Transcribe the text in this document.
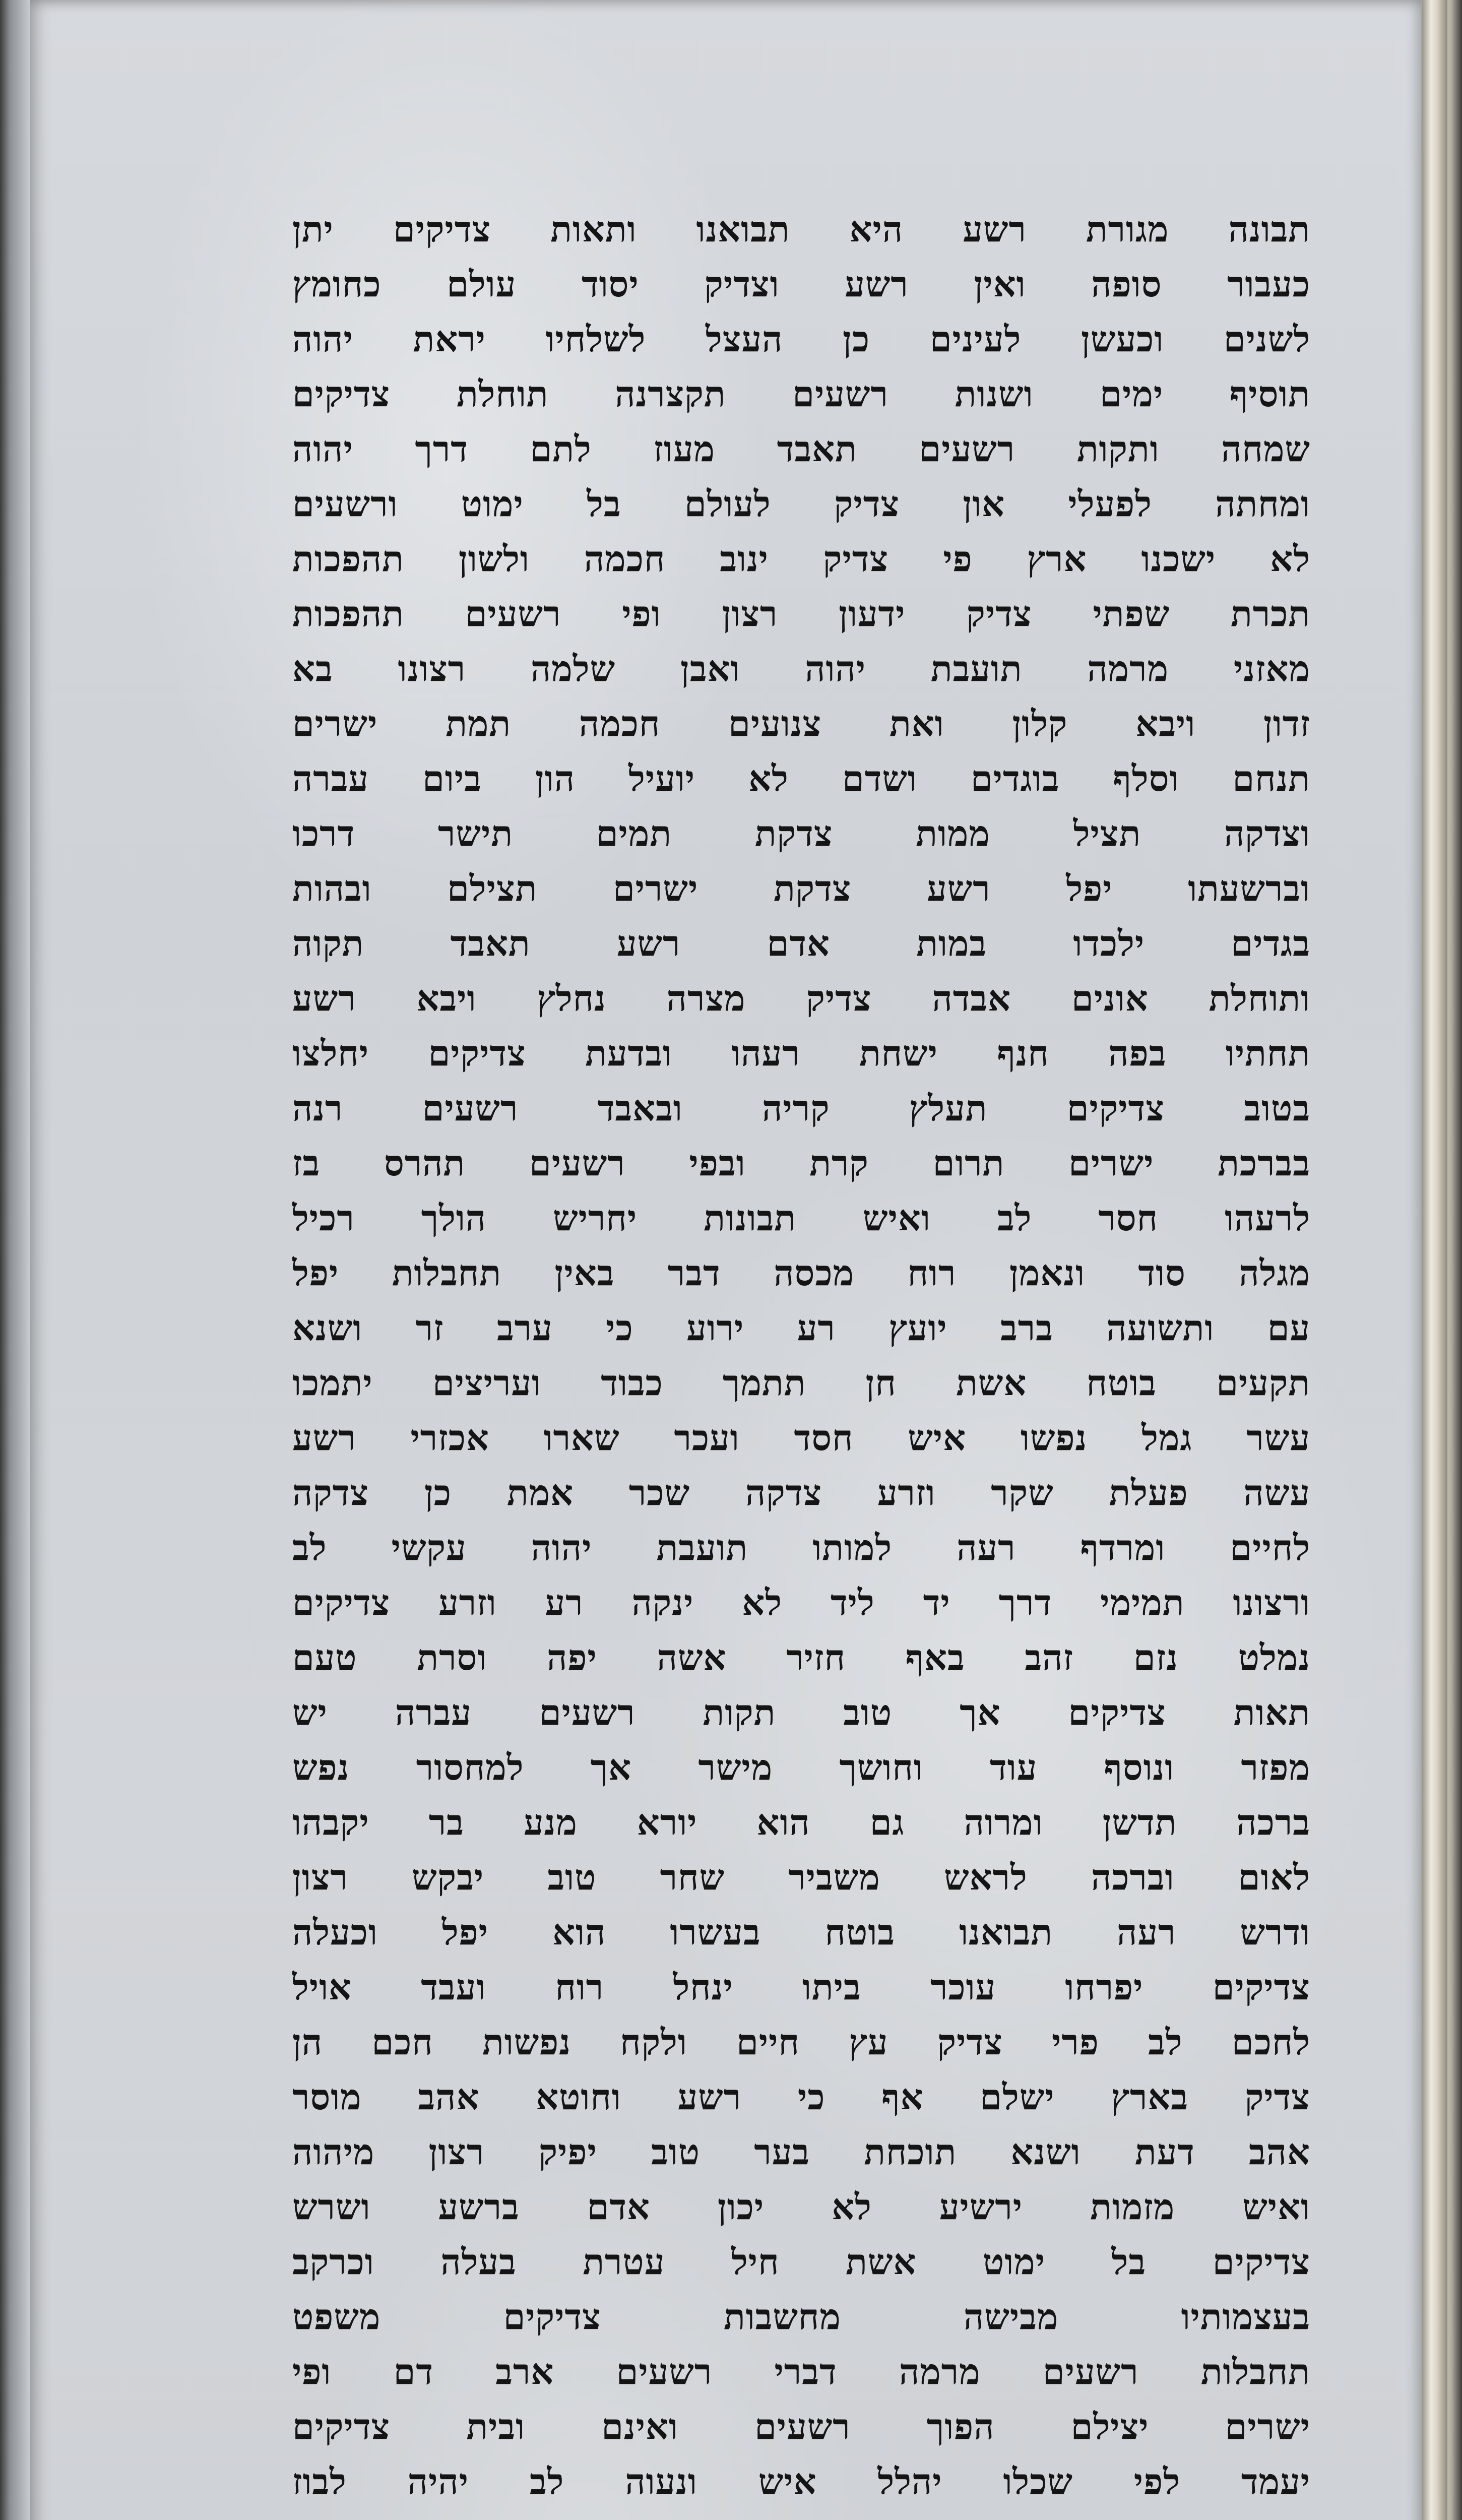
תבונה מגורת רשע היא תבואנו ותאות צדיקים יתן
כעבור סופה ואין רשע וצדיק יסוד עולם כחומץ
לשנים וכעשן לעינים כן העצל לשלחיו יראת יהוה
תוסיף ימים ושנות רשעים תקצרנה תוחלת צדיקים
שמחה ותקות רשעים תאבד מעוז לתם דרך יהוה
ומחתה לפעלי און צדיק לעולם בל ימוט ורשעים
לא ישכנו ארץ פי צדיק ינוב חכמה ולשון תהפכות
תכרת שפתי צדיק ידעון רצון ופי רשעים תהפכות
מאזני מרמה תועבת יהוה ואבן שלמה רצונו בא
זדון ויבא קלון ואת צנועים חכמה תמת ישרים
תנחם וסלף בוגדים ושדם לא יועיל הון ביום עברה
וצדקה תציל ממות צדקת תמים תישר דרכו
וברשעתו יפל רשע צדקת ישרים תצילם ובהות
בגדים ילכדו במות אדם רשע תאבד תקוה
ותוחלת אונים אבדה צדיק מצרה נחלץ ויבא רשע
תחתיו בפה חנף ישחת רעהו ובדעת צדיקים יחלצו
בטוב צדיקים תעלץ קריה ובאבד רשעים רנה
בברכת ישרים תרום קרת ובפי רשעים תהרס בז
לרעהו חסר לב ואיש תבונות יחריש הולך רכיל
מגלה סוד ונאמן רוח מכסה דבר באין תחבלות יפל
עם ותשועה ברב יועץ רע ירוע כי ערב זר ושנא
תקעים בוטח אשת חן תתמך כבוד ועריצים יתמכו
עשר גמל נפשו איש חסד ועכר שארו אכזרי רשע
עשה פעלת שקר וזרע צדקה שכר אמת כן צדקה
לחיים ומרדף רעה למותו תועבת יהוה עקשי לב
ורצונו תמימי דרך יד ליד לא ינקה רע וזרע צדיקים
נמלט נזם זהב באף חזיר אשה יפה וסרת טעם
תאות צדיקים אך טוב תקות רשעים עברה יש
מפזר ונוסף עוד וחושך מישר אך למחסור נפש
ברכה תדשן ומרוה גם הוא יורא מנע בר יקבהו
לאום וברכה לראש משביר שחר טוב יבקש רצון
ודרש רעה תבואנו בוטח בעשרו הוא יפל וכעלה
צדיקים יפרחו עוכר ביתו ינחל רוח ועבד אויל
לחכם לב פרי צדיק עץ חיים ולקח נפשות חכם הן
צדיק בארץ ישלם אף כי רשע וחוטא אהב מוסר
אהב דעת ושנא תוכחת בער טוב יפיק רצון מיהוה
ואיש מזמות ירשיע לא יכון אדם ברשע ושרש
צדיקים בל ימוט אשת חיל עטרת בעלה וכרקב
בעצמותיו מבישה מחשבות צדיקים משפט
תחבלות רשעים מרמה דברי רשעים ארב דם ופי
ישרים יצילם הפוך רשעים ואינם ובית צדיקים
יעמד לפי שכלו יהלל איש ונעוה לב יהיה לבוז
